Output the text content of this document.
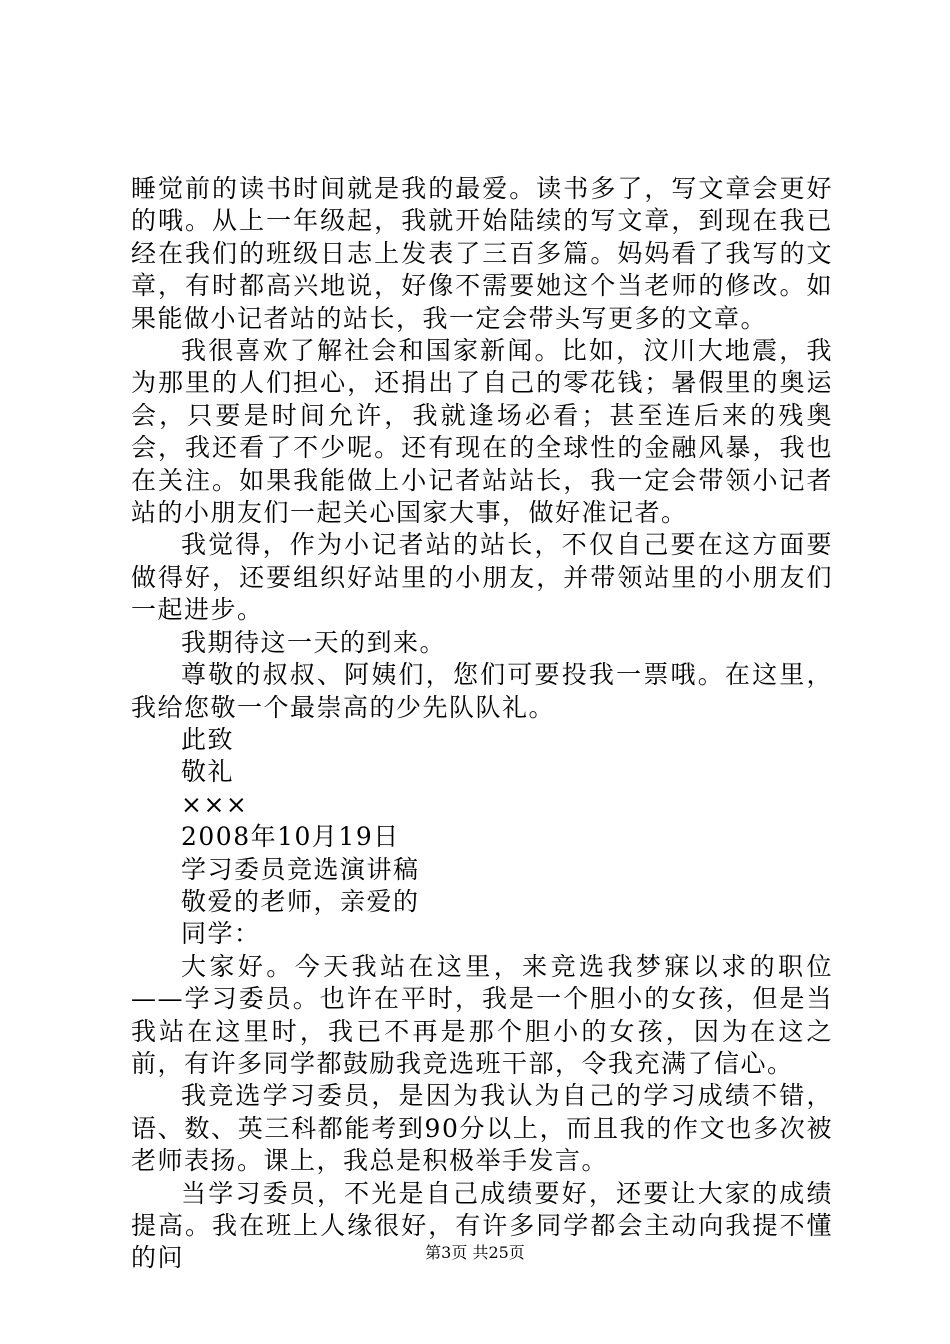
睡觉前的读书时间就是我的最爱。读书多了，写文章会更好的哦。从上一年级起，我就开始陆续的写文章，到现在我已经在我们的班级日志上发表了三百多篇。妈妈看了我写的文章，有时都高兴地说，好像不需要她这个当老师的修改。如果能做小记者站的站长，我一定会带头写更多的文章。

我很喜欢了解社会和国家新闻。比如，汶川大地震，我为那里的人们担心，还捐出了自己的零花钱；暑假里的奥运会，只要是时间允许，我就逢场必看；甚至连后来的残奥会，我还看了不少呢。还有现在的全球性的金融风暴，我也在关注。如果我能做上小记者站站长，我一定会带领小记者站的小朋友们一起关心国家大事，做好准记者。

我觉得，作为小记者站的站长，不仅自己要在这方面要做得好，还要组织好站里的小朋友，并带领站里的小朋友们一起进步。

我期待这一天的到来。

尊敬的叔叔、阿姨们，您们可要投我一票哦。在这里，我给您敬一个最崇高的少先队队礼。

此致

敬礼

×××

2008年10月19日

学习委员竞选演讲稿

敬爱的老师，亲爱的

同学：

大家好。今天我站在这里，来竞选我梦寐以求的职位——学习委员。也许在平时，我是一个胆小的女孩，但是当我站在这里时，我已不再是那个胆小的女孩，因为在这之前，有许多同学都鼓励我竞选班干部，令我充满了信心。

我竞选学习委员，是因为我认为自己的学习成绩不错，语、数、英三科都能考到90分以上，而且我的作文也多次被老师表扬。课上，我总是积极举手发言。

当学习委员，不光是自己成绩要好，还要让大家的成绩提高。我在班上人缘很好，有许多同学都会主动向我提不懂的问	第3页 共25页
